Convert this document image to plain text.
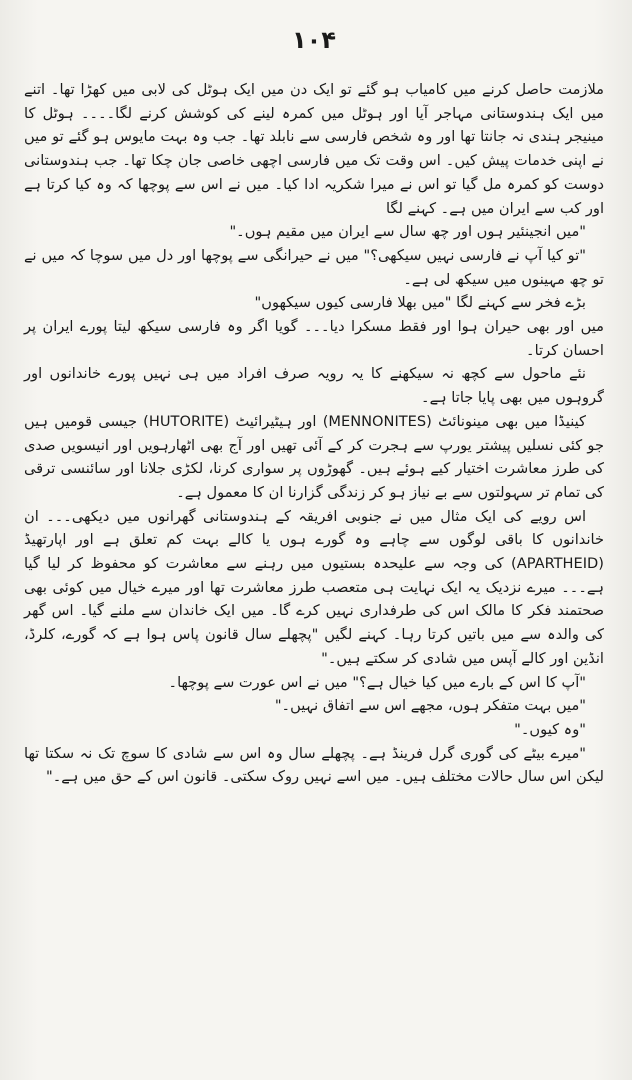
۱۰۴

ملازمت حاصل کرنے میں کامیاب ہو گئے تو ایک دن میں ایک ہوٹل کی لابی میں کھڑا تھا۔ اتنے میں ایک ہندوستانی مہاجر آیا اور ہوٹل میں کمرہ لینے کی کوشش کرنے لگا۔۔۔۔ ہوٹل کا مینیجر ہندی نہ جانتا تھا اور وہ شخص فارسی سے نابلد تھا۔ جب وہ بہت مایوس ہو گئے تو میں نے اپنی خدمات پیش کیں۔ اس وقت تک میں فارسی اچھی خاصی جان چکا تھا۔ جب ہندوستانی دوست کو کمرہ مل گیا تو اس نے میرا شکریہ ادا کیا۔ میں نے اس سے پوچھا کہ وہ کیا کرتا ہے اور کب سے ایران میں ہے۔ کہنے لگا

"میں انجینئیر ہوں اور چھ سال سے ایران میں مقیم ہوں۔"

"تو کیا آپ نے فارسی نہیں سیکھی؟" میں نے حیرانگی سے پوچھا اور دل میں سوچا کہ میں نے تو چھ مہینوں میں سیکھ لی ہے۔

بڑے فخر سے کہنے لگا "میں بھلا فارسی کیوں سیکھوں"

میں اور بھی حیران ہوا اور فقط مسکرا دیا۔۔۔ گویا اگر وہ فارسی سیکھ لیتا پورے ایران پر احسان کرتا۔

نئے ماحول سے کچھ نہ سیکھنے کا یہ رویہ صرف افراد میں ہی نہیں پورے خاندانوں اور گروہوں میں بھی پایا جاتا ہے۔

کینیڈا میں بھی مینونائٹ (MENNONITES) اور ہیٹیرائیٹ (HUTORITE) جیسی قومیں ہیں جو کئی نسلیں پیشتر یورپ سے ہجرت کر کے آئی تھیں اور آج بھی اٹھارہویں اور انیسویں صدی کی طرز معاشرت اختیار کیے ہوئے ہیں۔ گھوڑوں پر سواری کرنا، لکڑی جلانا اور سائنسی ترقی کی تمام تر سہولتوں سے بے نیاز ہو کر زندگی گزارنا ان کا معمول ہے۔

اس رویے کی ایک مثال میں نے جنوبی افریقہ کے ہندوستانی گھرانوں میں دیکھی۔۔۔ ان خاندانوں کا باقی لوگوں سے چاہے وہ گورے ہوں یا کالے بہت کم تعلق ہے اور اپارتھیڈ (APARTHEID) کی وجہ سے علیحدہ بستیوں میں رہنے سے معاشرت کو محفوظ کر لیا گیا ہے۔۔۔ میرے نزدیک یہ ایک نہایت ہی متعصب طرز معاشرت تھا اور میرے خیال میں کوئی بھی صحتمند فکر کا مالک اس کی طرفداری نہیں کرے گا۔ میں ایک خاندان سے ملنے گیا۔ اس گھر کی والدہ سے میں باتیں کرتا رہا۔ کہنے لگیں "پچھلے سال قانون پاس ہوا ہے کہ گورے، کلرڈ، انڈین اور کالے آپس میں شادی کر سکتے ہیں۔"

"آپ کا اس کے بارے میں کیا خیال ہے؟" میں نے اس عورت سے پوچھا۔

"میں بہت متفکر ہوں، مجھے اس سے اتفاق نہیں۔"

"وہ کیوں۔"

"میرے بیٹے کی گوری گرل فرینڈ ہے۔ پچھلے سال وہ اس سے شادی کا سوچ تک نہ سکتا تھا لیکن اس سال حالات مختلف ہیں۔ میں اسے نہیں روک سکتی۔ قانون اس کے حق میں ہے۔"
